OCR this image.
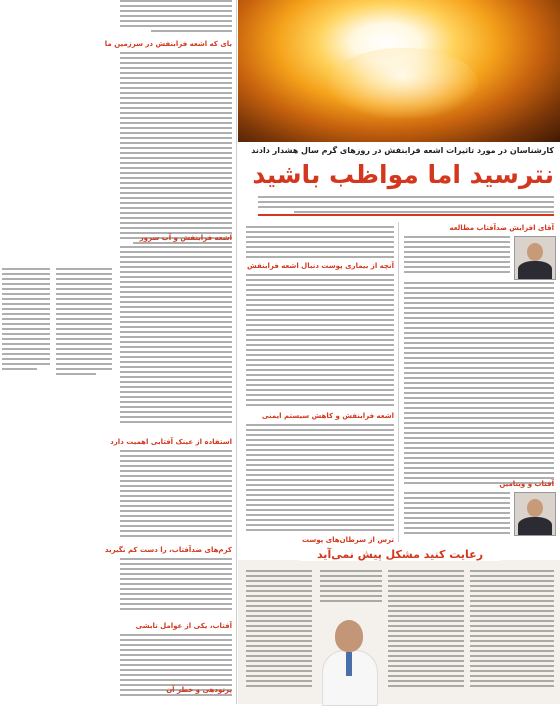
کارشناسان در مورد تاثیرات اشعه فرابنفش در روزهای گرم سال هشدار دادند
نترسید اما مواظب باشید
بای که اشعه فرابنفش در سرزمین ما
اشعه فرابنفش و آب سرور
استفاده از عینک آفتابی اهمیت دارد
کرم‌های ضدآفتاب، را دست کم نگیرید
آفتاب، یکی از عوامل تابشی
آنچه از بیماری پوست دنبال اشعه فرابنفش
اشعه فرابنفش و کاهش سیستم ایمنی
آقای افزایش ضدآفتاب مطالعه
آفتاب و ویتامین
رعایت کنید مشکل پیش نمی‌آید
پرتودهی و خطر آن
ترس از سرطان‌های پوست
